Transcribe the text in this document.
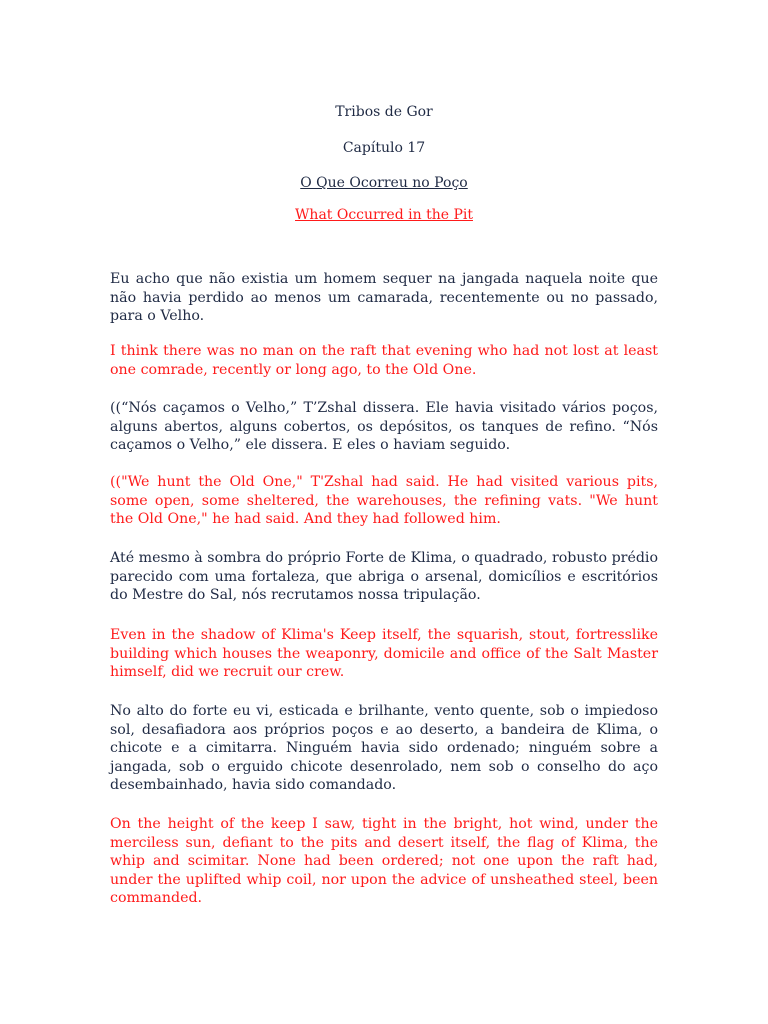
Tribos de Gor
Capítulo 17
O Que Ocorreu no Poço
What Occurred in the Pit

Eu acho que não existia um homem sequer na jangada naquela noite que não havia perdido ao menos um camarada, recentemente ou no passado, para o Velho.

I think there was no man on the raft that evening who had not lost at least one comrade, recently or long ago, to the Old One.

((“Nós caçamos o Velho,” T’Zshal dissera. Ele havia visitado vários poços, alguns abertos, alguns cobertos, os depósitos, os tanques de refino. “Nós caçamos o Velho,” ele dissera. E eles o haviam seguido.

(("We hunt the Old One," T'Zshal had said. He had visited various pits, some open, some sheltered, the warehouses, the refining vats. "We hunt the Old One," he had said. And they had followed him.

Até mesmo à sombra do próprio Forte de Klima, o quadrado, robusto prédio parecido com uma fortaleza, que abriga o arsenal, domicílios e escritórios do Mestre do Sal, nós recrutamos nossa tripulação.

Even in the shadow of Klima's Keep itself, the squarish, stout, fortresslike building which houses the weaponry, domicile and office of the Salt Master himself, did we recruit our crew.

No alto do forte eu vi, esticada e brilhante, vento quente, sob o impiedoso sol, desafiadora aos próprios poços e ao deserto, a bandeira de Klima, o chicote e a cimitarra. Ninguém havia sido ordenado; ninguém sobre a jangada, sob o erguido chicote desenrolado, nem sob o conselho do aço desembainhado, havia sido comandado.

On the height of the keep I saw, tight in the bright, hot wind, under the merciless sun, defiant to the pits and desert itself, the flag of Klima, the whip and scimitar. None had been ordered; not one upon the raft had, under the uplifted whip coil, nor upon the advice of unsheathed steel, been commanded.
